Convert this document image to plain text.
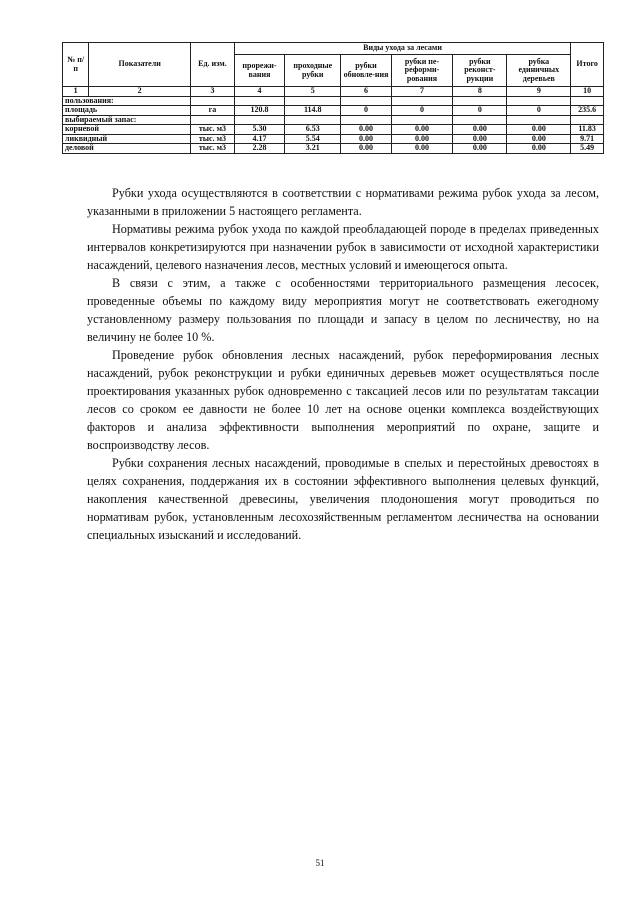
№ п/п	Показатели	Ед. изм.	Виды ухода за лесами						Итого
			прорежи-вания	проходные рубки	рубки обновле-ния	рубки пе-реформи-рования	рубки реконст-рукции	рубка единичных деревьев	
1	2	3	4	5	6	7	8	9	10
пользования:									
площадь		га	120.8	114.8	0	0	0	0	235.6
выбираемый запас:									
корневой		тыс. м3	5.30	6.53	0.00	0.00	0.00	0.00	11.83
ликвидный		тыс. м3	4.17	5.54	0.00	0.00	0.00	0.00	9.71
деловой		тыс. м3	2.28	3.21	0.00	0.00	0.00	0.00	5.49

Рубки ухода осуществляются в соответствии с нормативами режима рубок ухода за лесом, указанными в приложении 5 настоящего регламента.

Нормативы режима рубок ухода по каждой преобладающей породе в пределах приведенных интервалов конкретизируются при назначении рубок в зависимости от исходной характеристики насаждений, целевого назначения лесов, местных условий и имеющегося опыта.

В связи с этим, а также с особенностями территориального размещения лесосек, проведенные объемы по каждому виду мероприятия могут не соответствовать ежегодному установленному размеру пользования по площади и запасу в целом по лесничеству, но на величину не более 10 %.

Проведение рубок обновления лесных насаждений, рубок переформирования лесных насаждений, рубок реконструкции и рубки единичных деревьев может осуществляться после проектирования указанных рубок одновременно с таксацией лесов или по результатам таксации лесов со сроком ее давности не более 10 лет на основе оценки комплекса воздействующих факторов и анализа эффективности выполнения мероприятий по охране, защите и воспроизводству лесов.

Рубки сохранения лесных насаждений, проводимые в спелых и перестойных древостоях в целях сохранения, поддержания их в состоянии эффективного выполнения целевых функций, накопления качественной древесины, увеличения плодоношения могут проводиться по нормативам рубок, установленным лесохозяйственным регламентом лесничества на основании специальных изысканий и исследований.

51
